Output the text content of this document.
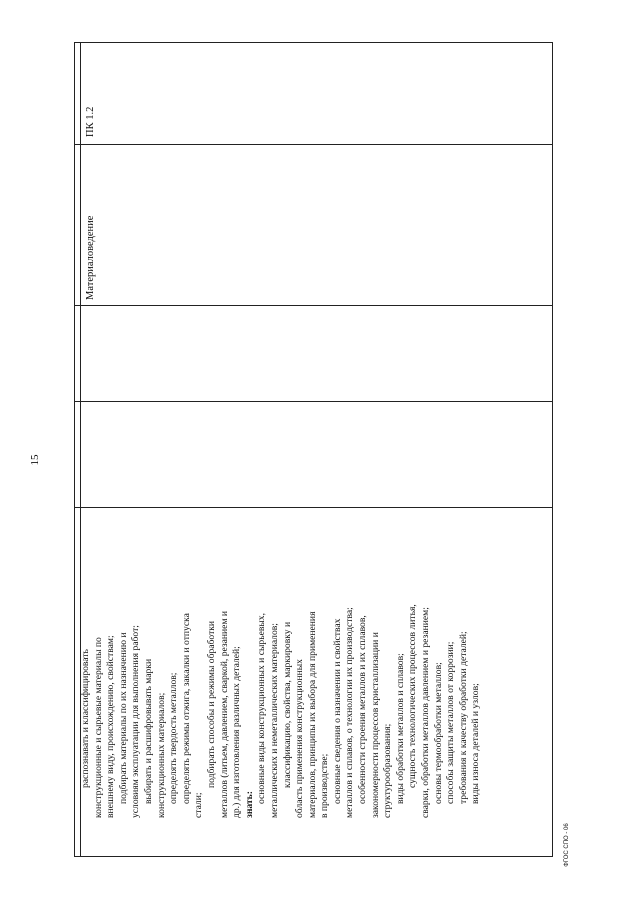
15
ПК 1.2
Материаловедение
распознавать и классифицировать конструкционные и сырьевые материалы по внешнему виду, происхождению, свойствам; подбирать материалы по их назначению и условиям эксплуатации для выполнения работ; выбирать и расшифровывать марки конструкционных материалов; определять твердость металлов; определять режимы отжига, закалки и отпуска
стали;
подбирать способы и режимы обработки металлов (литьем, давлением, сваркой, резанием и др.) для изготовления различных деталей; знать:
основные виды конструкционных и сырьевых, металлических и неметаллических материалов; классификацию, свойства, маркировку и область применения конструкционных материалов, принципы их выбора для применения в производстве; основные сведения о назначении и свойствах металлов и сплавов, о технологии их производства; особенности строения металлов и их сплавов, закономерности процессов кристаллизации и структурообразования; виды обработки металлов и сплавов; сущность технологических процессов литья, сварки, обработки металлов давлением и резанием; основы термообработки металлов; способы защиты металлов от коррозии; требования к качеству обработки деталей; виды износа деталей и узлов;
ФГОС СПО - 06
